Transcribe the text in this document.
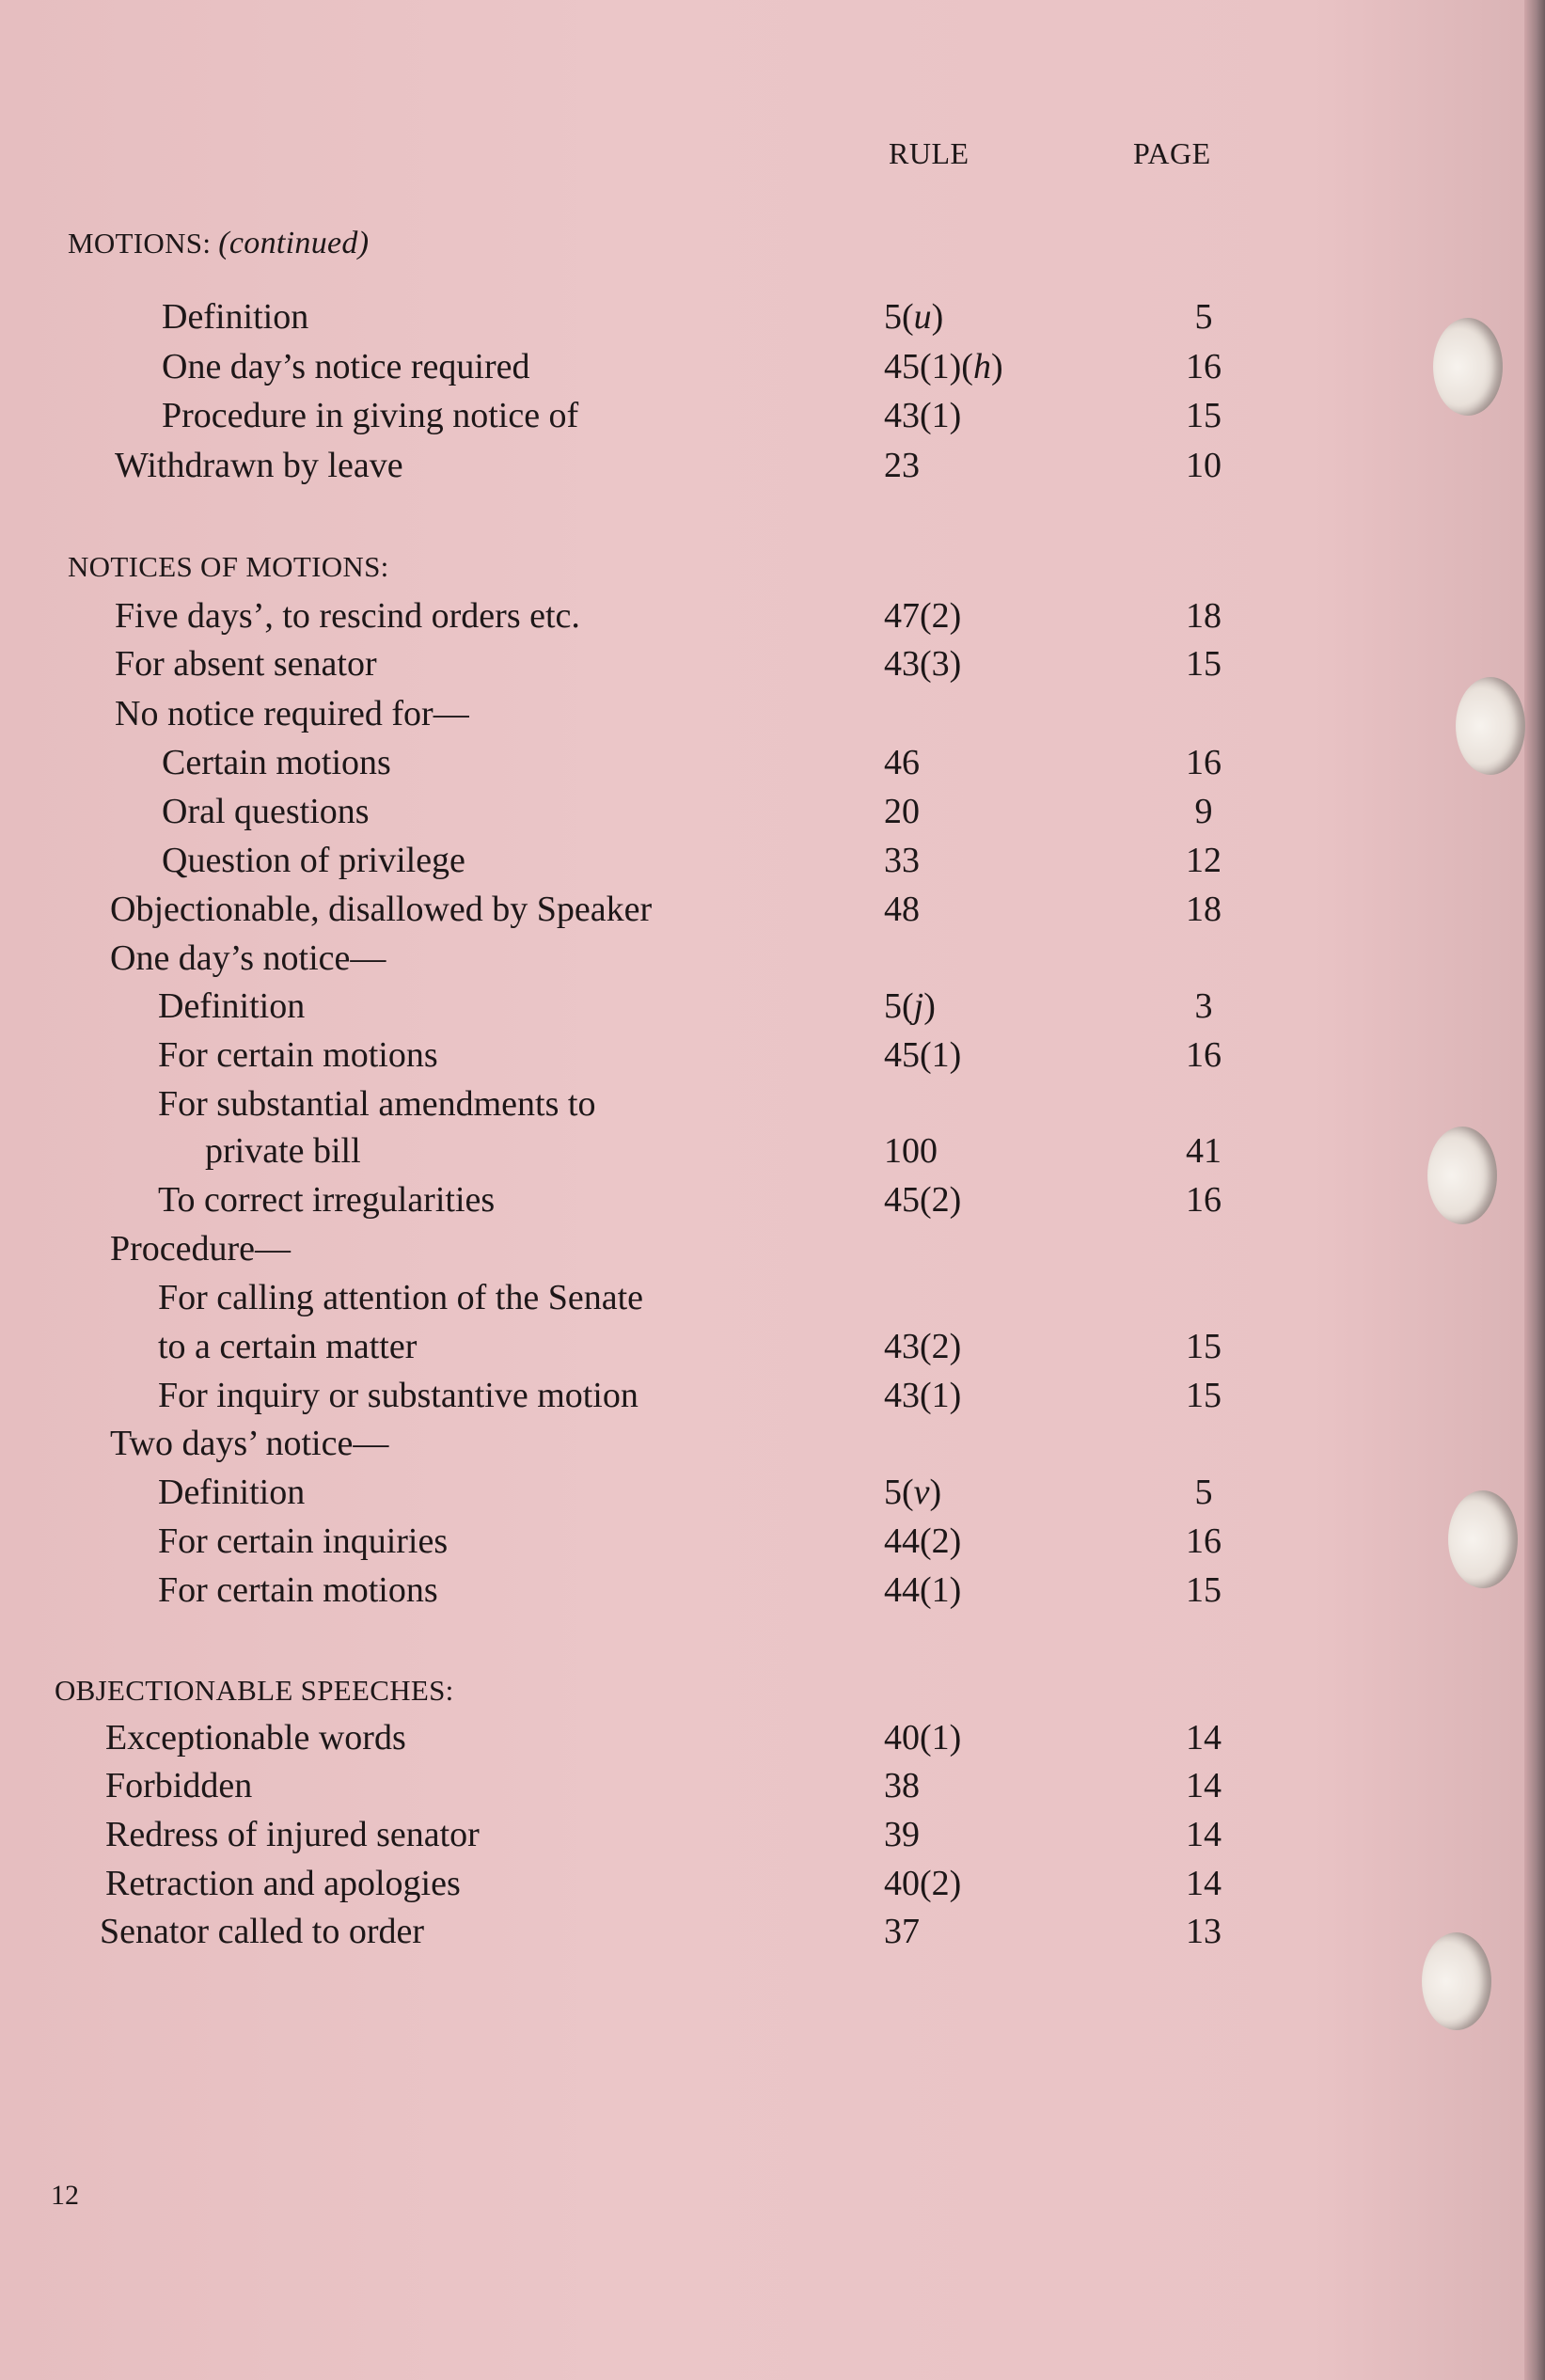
RULE	PAGE
MOTIONS: (continued)
Definition	5(u)	5
One day’s notice required	45(1)(h)	16
Procedure in giving notice of	43(1)	15
Withdrawn by leave	23	10
NOTICES OF MOTIONS:
Five days’, to rescind orders etc.	47(2)	18
For absent senator	43(3)	15
No notice required for—
Certain motions	46	16
Oral questions	20	9
Question of privilege	33	12
Objectionable, disallowed by Speaker	48	18
One day’s notice—
Definition	5(j)	3
For certain motions	45(1)	16
For substantial amendments to
private bill	100	41
To correct irregularities	45(2)	16
Procedure—
For calling attention of the Senate
to a certain matter	43(2)	15
For inquiry or substantive motion	43(1)	15
Two days’ notice—
Definition	5(v)	5
For certain inquiries	44(2)	16
For certain motions	44(1)	15
OBJECTIONABLE SPEECHES:
Exceptionable words	40(1)	14
Forbidden	38	14
Redress of injured senator	39	14
Retraction and apologies	40(2)	14
Senator called to order	37	13
12
